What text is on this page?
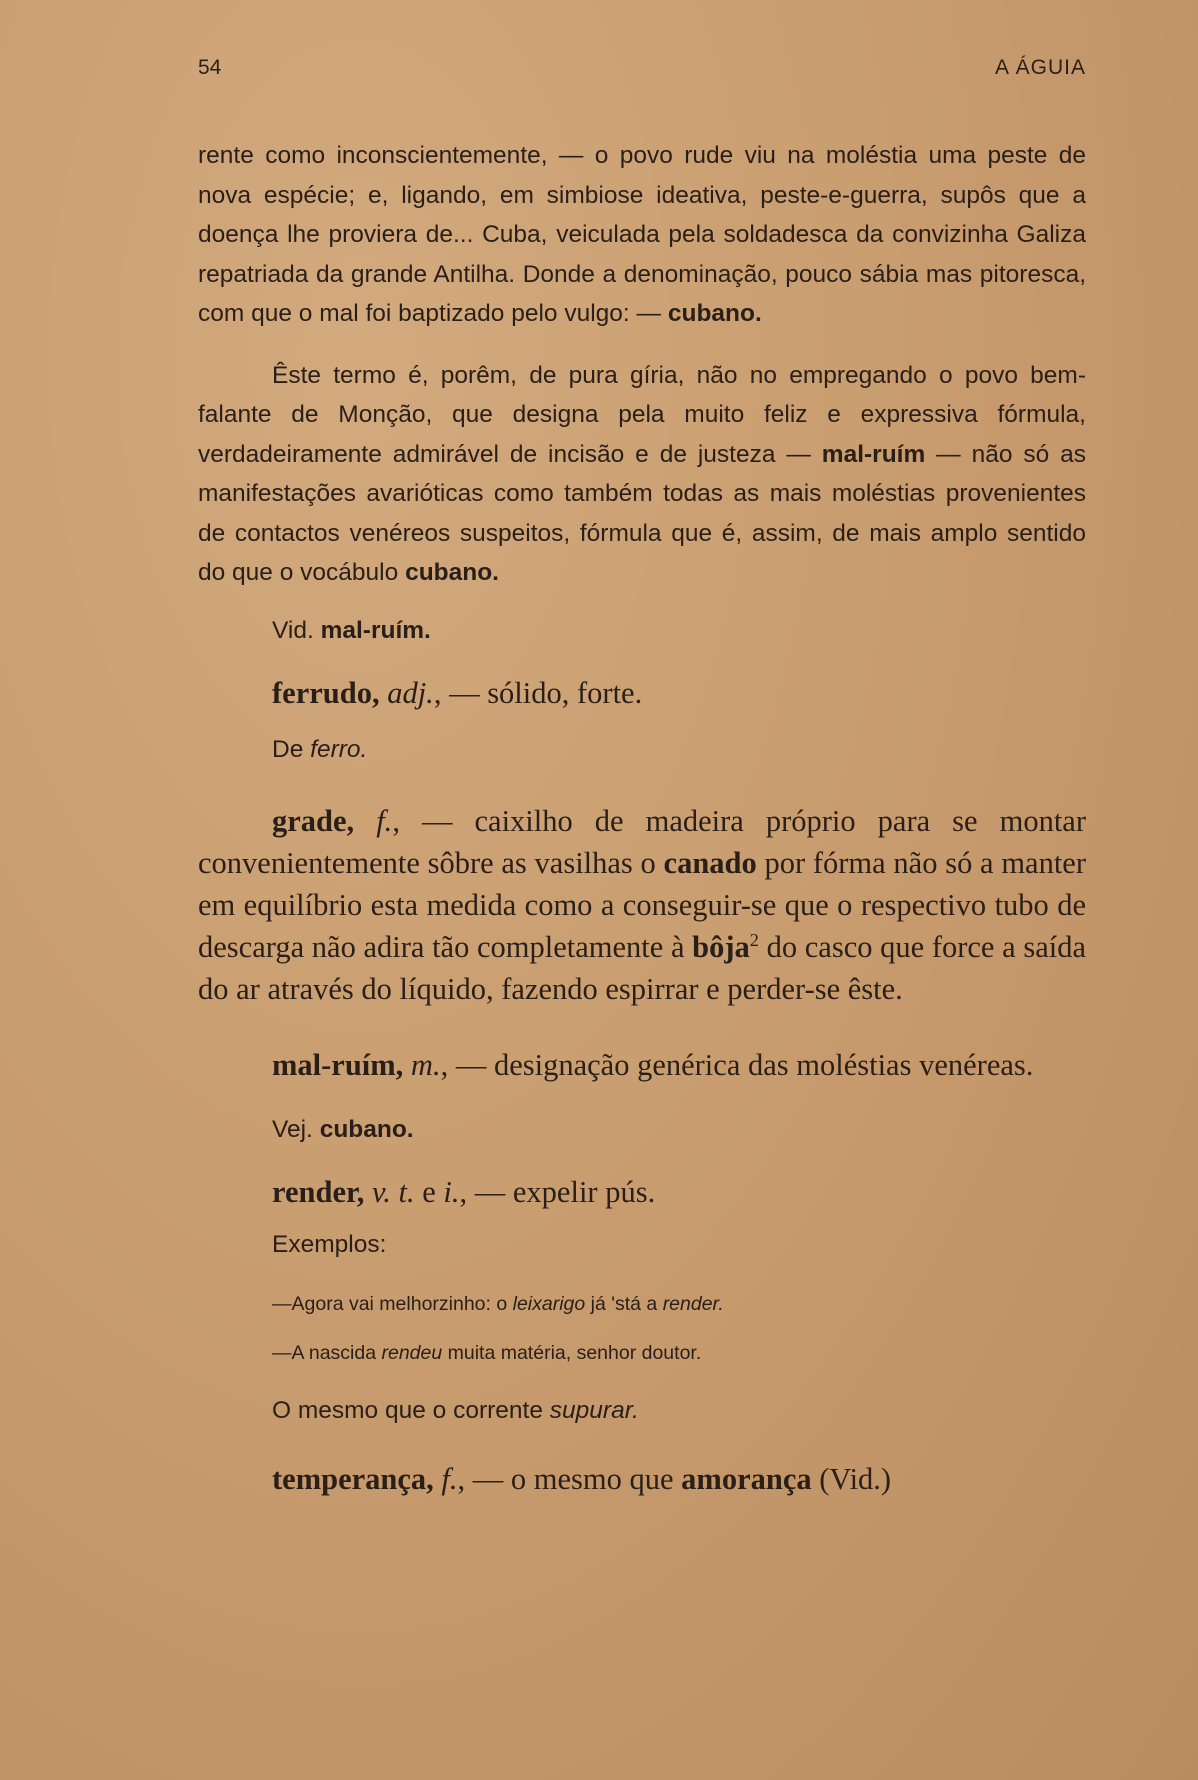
54	A ÁGUIA

rente como inconscientemente, — o povo rude viu na moléstia uma peste de nova espécie; e, ligando, em simbiose ideativa, peste-e-guerra, supôs que a doença lhe proviera de... Cuba, veiculada pela soldadesca da convizinha Galiza repatriada da grande Antilha. Donde a denominação, pouco sábia mas pitoresca, com que o mal foi baptizado pelo vulgo: — cubano.

Êste termo é, porêm, de pura gíria, não no empregando o povo bem-falante de Monção, que designa pela muito feliz e expressiva fórmula, verdadeiramente admirável de incisão e de justeza — mal-ruím — não só as manifestações avarióticas como também todas as mais moléstias provenientes de contactos venéreos suspeitos, fórmula que é, assim, de mais amplo sentido do que o vocábulo cubano.

Vid. mal-ruím.

ferrudo, adj., — sólido, forte.

De ferro.

grade, f., — caixilho de madeira próprio para se montar convenientemente sôbre as vasilhas o canado por fórma não só a manter em equilíbrio esta medida como a conseguir-se que o respectivo tubo de descarga não adira tão completamente à bôja$^2$ do casco que force a saída do ar através do líquido, fazendo espirrar e perder-se êste.

mal-ruím, m., — designação genérica das moléstias venéreas.

Vej. cubano.

render, v. t. e i., — expelir pús.

Exemplos:

— Agora vai melhorzinho: o leixarigo já 'stá a render.

— A nascida rendeu muita matéria, senhor doutor.

O mesmo que o corrente supurar.

temperança, f., — o mesmo que amorança (Vid.)
